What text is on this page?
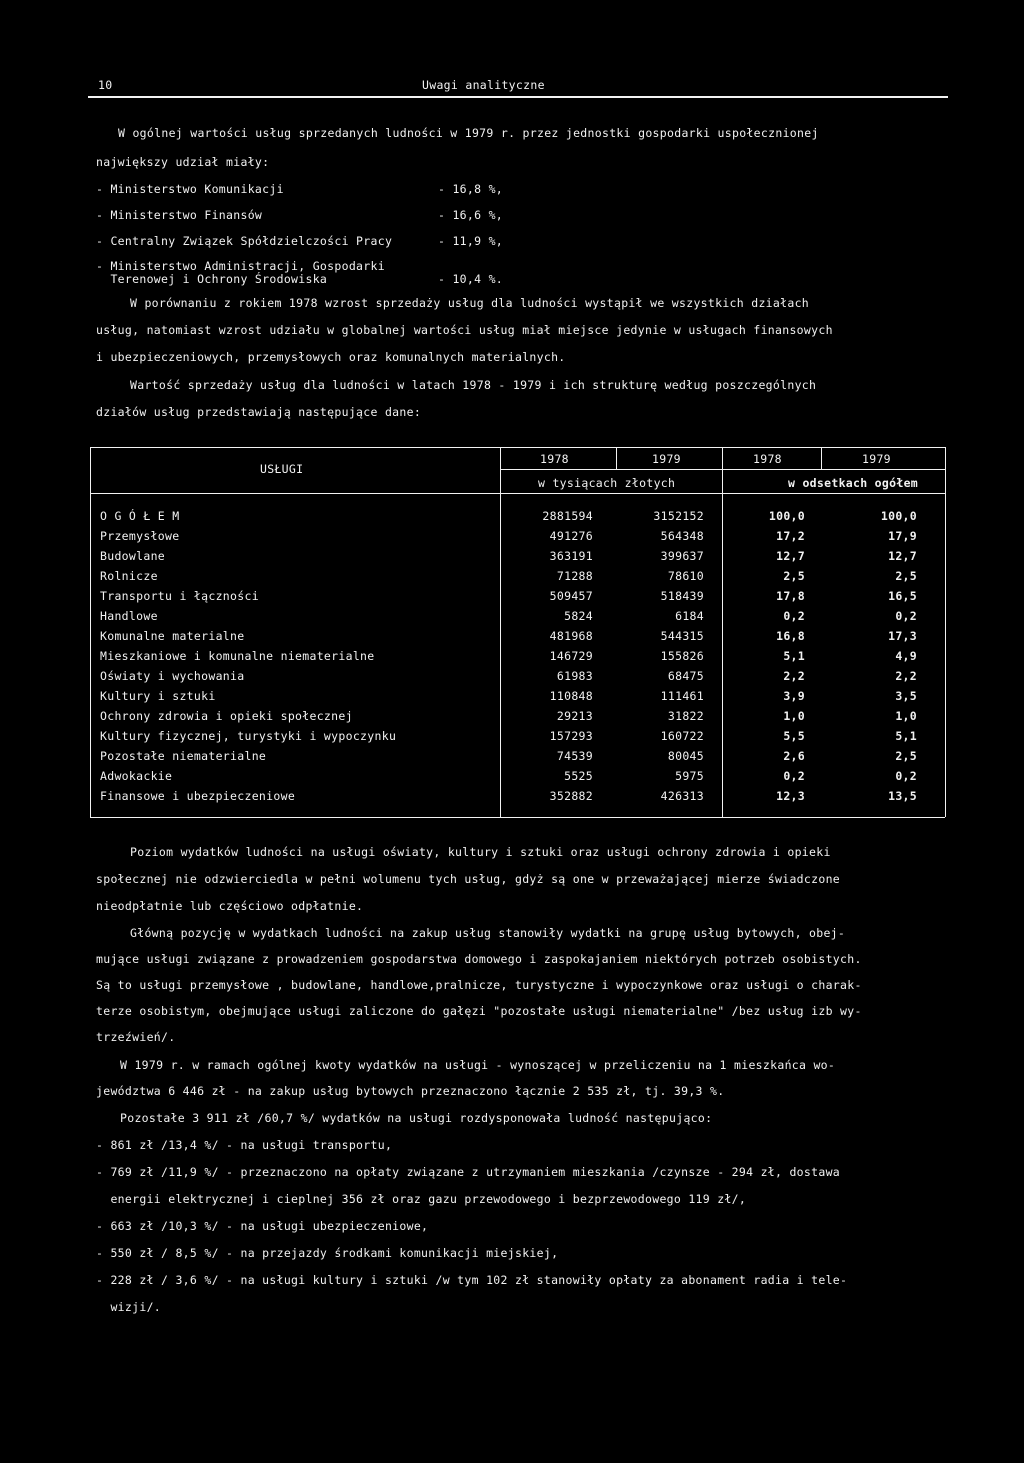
10	Uwagi analityczne
W ogólnej wartości usług sprzedanych ludności w 1979 r. przez jednostki gospodarki uspołecznionej
największy udział miały:
- Ministerstwo Komunikacji	- 16,8 %,
- Ministerstwo Finansów	- 16,6 %,
- Centralny Związek Spółdzielczości Pracy	- 11,9 %,
- Ministerstwo Administracji, Gospodarki
Terenowej i Ochrony Środowiska	- 10,4 %.
W porównaniu z rokiem 1978 wzrost sprzedaży usług dla ludności wystąpił we wszystkich działach
usług, natomiast wzrost udziału w globalnej wartości usług miał miejsce jedynie w usługach finansowych
i ubezpieczeniowych, przemysłowych oraz komunalnych materialnych.
Wartość sprzedaży usług dla ludności w latach 1978 - 1979 i ich strukturę według poszczególnych
działów usług przedstawiają następujące dane:
USŁUGI
1978	1979	1978	1979
w tysiącach złotych	w odsetkach ogółem
O G Ó Ł E M	2881594	3152152	100,0	100,0
Przemysłowe	491276	564348	17,2	17,9
Budowlane	363191	399637	12,7	12,7
Rolnicze	71288	78610	2,5	2,5
Transportu i łączności	509457	518439	17,8	16,5
Handlowe	5824	6184	0,2	0,2
Komunalne materialne	481968	544315	16,8	17,3
Mieszkaniowe i komunalne niematerialne	146729	155826	5,1	4,9
Oświaty i wychowania	61983	68475	2,2	2,2
Kultury i sztuki	110848	111461	3,9	3,5
Ochrony zdrowia i opieki społecznej	29213	31822	1,0	1,0
Kultury fizycznej, turystyki i wypoczynku	157293	160722	5,5	5,1
Pozostałe niematerialne	74539	80045	2,6	2,5
Adwokackie	5525	5975	0,2	0,2
Finansowe i ubezpieczeniowe	352882	426313	12,3	13,5
Poziom wydatków ludności na usługi oświaty, kultury i sztuki oraz usługi ochrony zdrowia i opieki
społecznej nie odzwierciedla w pełni wolumenu tych usług, gdyż są one w przeważającej mierze świadczone
nieodpłatnie lub częściowo odpłatnie.
Główną pozycję w wydatkach ludności na zakup usług stanowiły wydatki na grupę usług bytowych, obej-
mujące usługi związane z prowadzeniem gospodarstwa domowego i zaspokajaniem niektórych potrzeb osobistych.
Są to usługi przemysłowe , budowlane, handlowe,pralnicze, turystyczne i wypoczynkowe oraz usługi o charak-
terze osobistym, obejmujące usługi zaliczone do gałęzi "pozostałe usługi niematerialne" /bez usług izb wy-
trzeźwień/.
W 1979 r. w ramach ogólnej kwoty wydatków na usługi - wynoszącej w przeliczeniu na 1 mieszkańca wo-
jewództwa 6 446 zł - na zakup usług bytowych przeznaczono łącznie 2 535 zł, tj. 39,3 %.
Pozostałe 3 911 zł /60,7 %/ wydatków na usługi rozdysponowała ludność następująco:
- 861 zł /13,4 %/ - na usługi transportu,
- 769 zł /11,9 %/ - przeznaczono na opłaty związane z utrzymaniem mieszkania /czynsze - 294 zł, dostawa
energii elektrycznej i cieplnej 356 zł oraz gazu przewodowego i bezprzewodowego 119 zł/,
- 663 zł /10,3 %/ - na usługi ubezpieczeniowe,
- 550 zł / 8,5 %/ - na przejazdy środkami komunikacji miejskiej,
- 228 zł / 3,6 %/ - na usługi kultury i sztuki /w tym 102 zł stanowiły opłaty za abonament radia i tele-
wizji/.
